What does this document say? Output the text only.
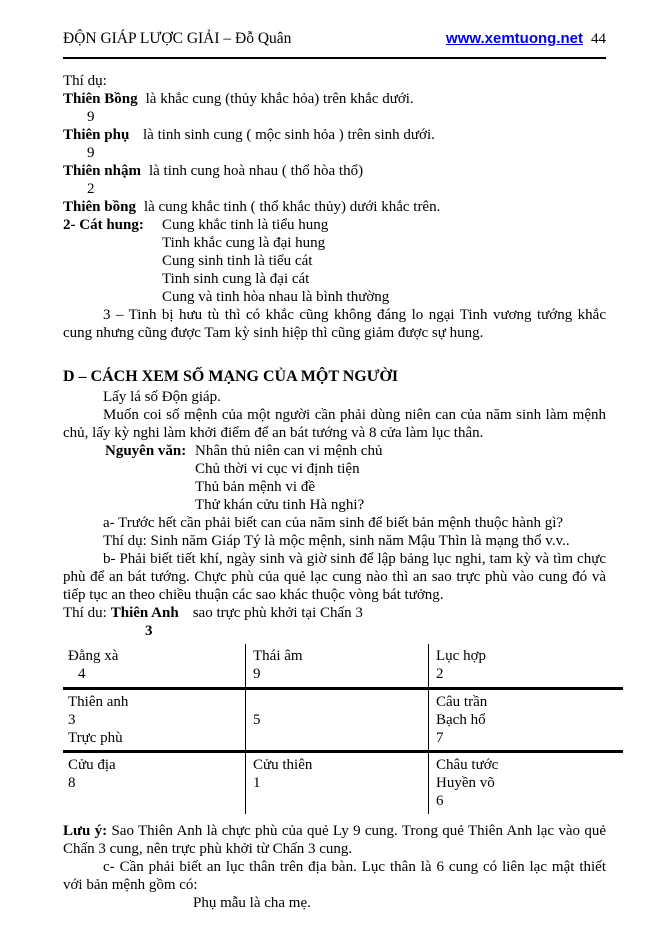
ĐỘN GIÁP LƯỢC GIẢI – Đỗ Quân	www.xemtuong.net 44
Thí dụ:
Thiên Bồng là khắc cung (thủy khắc hỏa) trên khắc dưới.
9
Thiên phụ là tinh sinh cung ( mộc sinh hỏa ) trên sinh dưới.
9
Thiên nhậm là tinh cung hoà nhau ( thổ hòa thổ)
2
Thiên bồng là cung khắc tinh ( thổ khắc thủy) dưới khắc trên.
2- Cát hung:	Cung khắc tinh là tiểu hung
Tinh khắc cung là đại hung
Cung sinh tinh là tiểu cát
Tinh sinh cung là đại cát
Cung và tinh hòa nhau là bình thường

3 – Tinh bị hưu tù thì có khắc cũng không đáng lo ngại Tinh vương tướng khắc cung nhưng cũng được Tam kỳ sinh hiệp thì cũng giảm được sự hung.

D – CÁCH XEM SỐ MẠNG CỦA MỘT NGƯỜI

Lấy lá số Độn giáp.

Muốn coi số mệnh của một người cần phải dùng niên can của năm sinh làm mệnh chủ, lấy kỳ nghi làm khởi điểm để an bát tướng và 8 cửa làm lục thân.

Nguyên văn: Nhân thủ niên can vi mệnh chủ
Chủ thời vi cục vi định tiện
Thủ bản mệnh vi đề
Thử khán cửu tinh Hà nghi?

a- Trước hết cần phải biết can của năm sinh để biết bản mệnh thuộc hành gì?

Thí dụ: Sinh năm Giáp Tý là mộc mệnh, sinh năm Mậu Thìn là mạng thổ v.v..

b- Phải biết tiết khí, ngày sinh và giờ sinh để lập bảng lục nghi, tam kỳ và tìm chực phù để an bát tướng. Chực phù của quẻ lạc cung nào thì an sao trực phù vào cung đó và tiếp tục an theo chiều thuận các sao khác thuộc vòng bát tưởng.

Thí du: Thiên Anh sao trực phù khởi tại Chấn 3
3
Đằng xà
4
Thái âm
9
Lục hợp
2
Thiên anh
3
Trực phù
5
Câu trần
Bạch hổ
7
Cửu địa
8
Cửu thiên
1
Châu tước
Huyền võ
6

Lưu ý: Sao Thiên Anh là chực phù của quẻ Ly 9 cung. Trong quẻ Thiên Anh lạc vào quẻ Chấn 3 cung, nên trực phù khởi từ Chấn 3 cung.

c- Cần phải biết an lục thân trên địa bàn. Lục thân là 6 cung có liên lạc mật thiết với bản mệnh gồm có:

Phụ mẫu là cha mẹ.
